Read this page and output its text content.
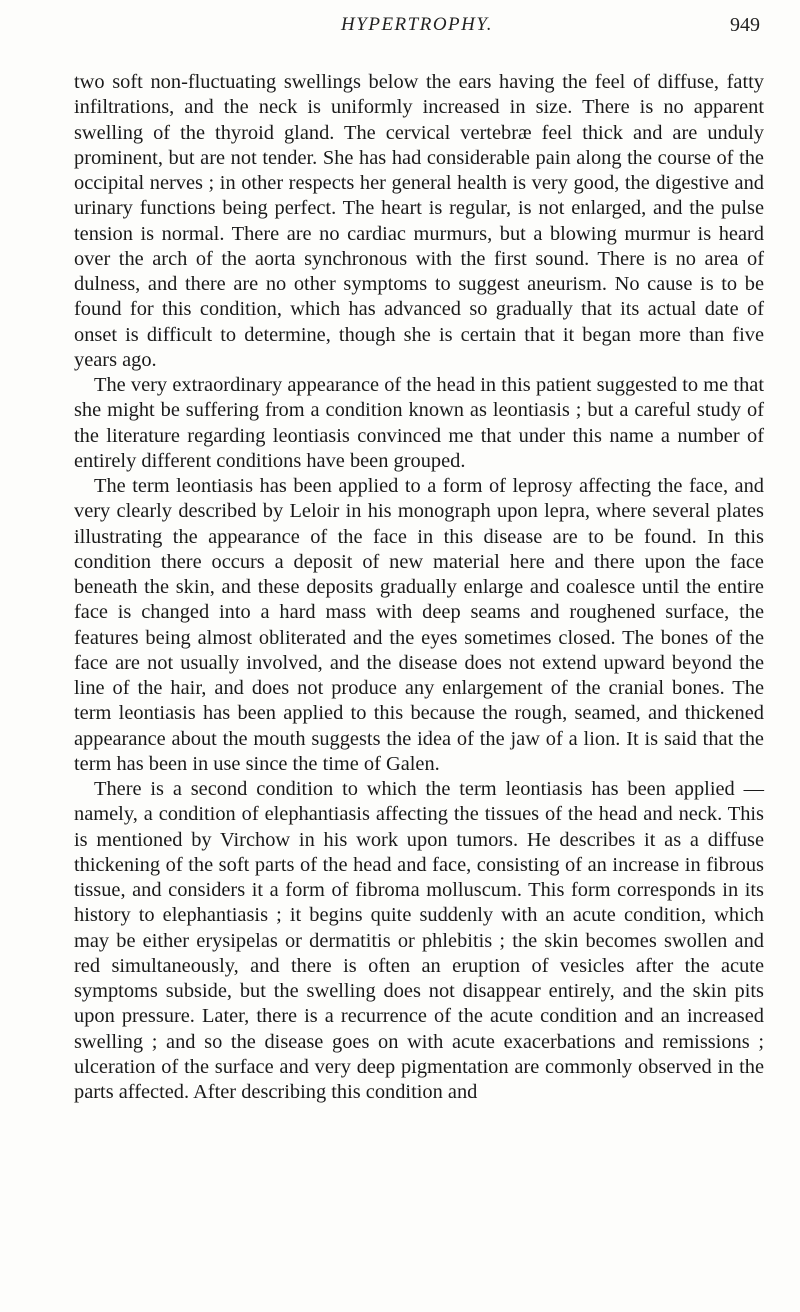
HYPERTROPHY.	949

two soft non-fluctuating swellings below the ears having the feel of diffuse, fatty infiltrations, and the neck is uniformly increased in size. There is no apparent swelling of the thyroid gland. The cervical vertebræ feel thick and are unduly prominent, but are not tender. She has had considerable pain along the course of the occipital nerves ; in other respects her general health is very good, the digestive and urinary functions being perfect. The heart is regular, is not enlarged, and the pulse tension is normal. There are no cardiac murmurs, but a blowing murmur is heard over the arch of the aorta synchronous with the first sound. There is no area of dulness, and there are no other symptoms to suggest aneurism. No cause is to be found for this condition, which has advanced so gradually that its actual date of onset is difficult to determine, though she is certain that it began more than five years ago.

The very extraordinary appearance of the head in this patient suggested to me that she might be suffering from a condition known as leontiasis ; but a careful study of the literature regarding leontiasis convinced me that under this name a number of entirely different conditions have been grouped.

The term leontiasis has been applied to a form of leprosy affecting the face, and very clearly described by Leloir in his monograph upon lepra, where several plates illustrating the appearance of the face in this disease are to be found. In this condition there occurs a deposit of new material here and there upon the face beneath the skin, and these deposits gradually enlarge and coalesce until the entire face is changed into a hard mass with deep seams and roughened surface, the features being almost obliterated and the eyes sometimes closed. The bones of the face are not usually involved, and the disease does not extend upward beyond the line of the hair, and does not produce any enlargement of the cranial bones. The term leontiasis has been applied to this because the rough, seamed, and thickened appearance about the mouth suggests the idea of the jaw of a lion. It is said that the term has been in use since the time of Galen.

There is a second condition to which the term leontiasis has been applied — namely, a condition of elephantiasis affecting the tissues of the head and neck. This is mentioned by Virchow in his work upon tumors. He describes it as a diffuse thickening of the soft parts of the head and face, consisting of an increase in fibrous tissue, and considers it a form of fibroma molluscum. This form corresponds in its history to elephantiasis ; it begins quite suddenly with an acute condition, which may be either erysipelas or dermatitis or phlebitis ; the skin becomes swollen and red simultaneously, and there is often an eruption of vesicles after the acute symptoms subside, but the swelling does not disappear entirely, and the skin pits upon pressure. Later, there is a recurrence of the acute condition and an increased swelling ; and so the disease goes on with acute exacerbations and remissions ; ulceration of the surface and very deep pigmentation are commonly observed in the parts affected. After describing this condition and
